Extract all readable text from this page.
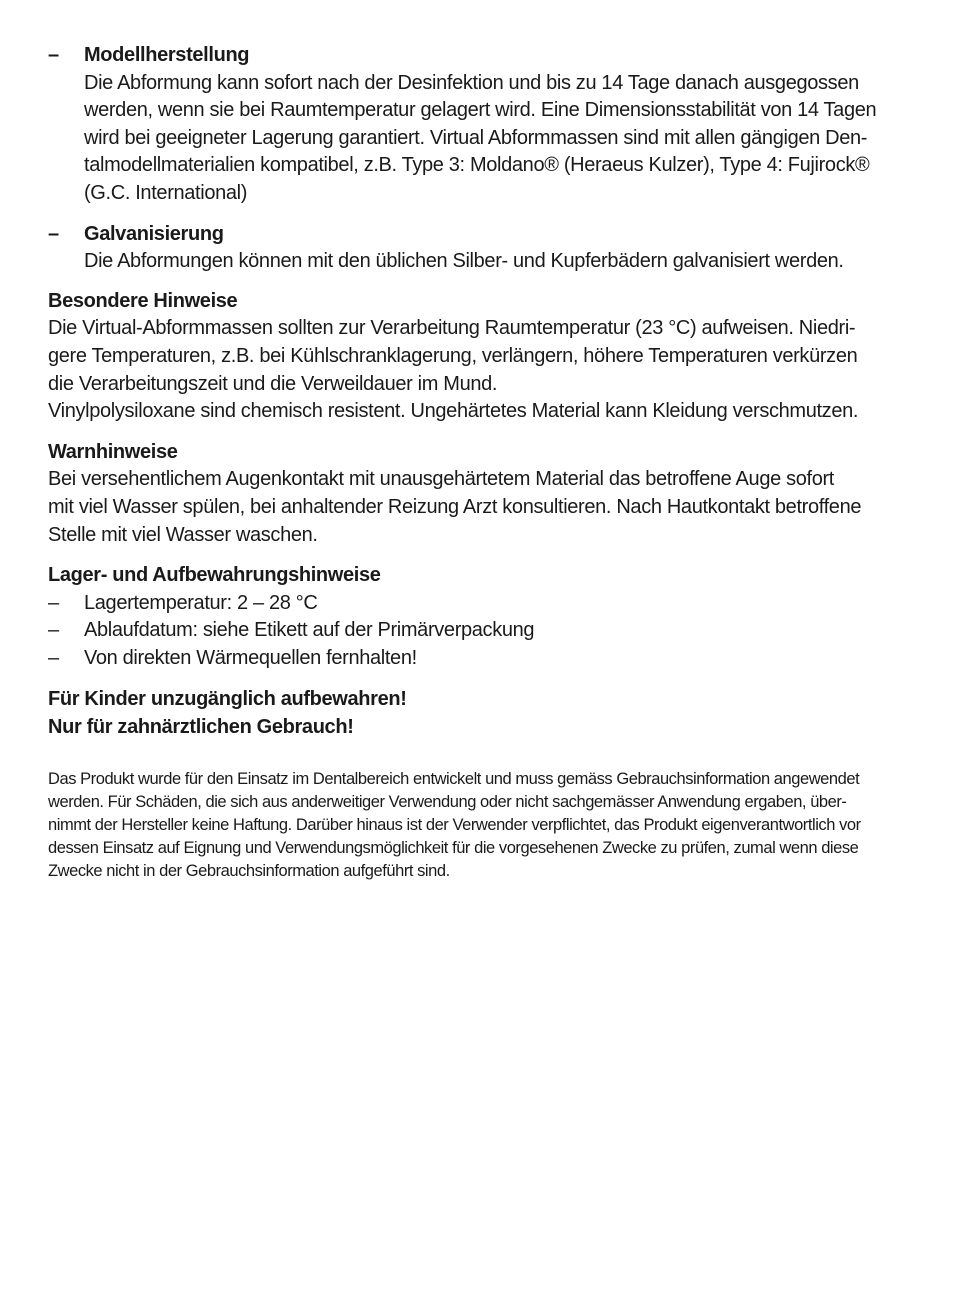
–	Modellherstellung
Die Abformung kann sofort nach der Desinfektion und bis zu 14 Tage danach ausgegossen
werden, wenn sie bei Raumtemperatur gelagert wird. Eine Dimensionsstabilität von 14 Tagen
wird bei geeigneter Lagerung garantiert. Virtual Abformmassen sind mit allen gängigen Den-
talmodellmaterialien kompatibel, z.B. Type 3: Moldano® (Heraeus Kulzer), Type 4: Fujirock®
(G.C. International)
–	Galvanisierung
Die Abformungen können mit den üblichen Silber- und Kupferbädern galvanisiert werden.
Besondere Hinweise
Die Virtual-Abformmassen sollten zur Verarbeitung Raumtemperatur (23 °C) aufweisen. Niedri-
gere Temperaturen, z.B. bei Kühlschranklagerung, verlängern, höhere Temperaturen verkürzen
die Verarbeitungszeit und die Verweildauer im Mund.
Vinylpolysiloxane sind chemisch resistent. Ungehärtetes Material kann Kleidung verschmutzen.
Warnhinweise
Bei versehentlichem Augenkontakt mit unausgehärtetem Material das betroffene Auge sofort
mit viel Wasser spülen, bei anhaltender Reizung Arzt konsultieren. Nach Hautkontakt betroffene
Stelle mit viel Wasser waschen.
Lager- und Aufbewahrungshinweise
–	Lagertemperatur: 2 – 28 °C
–	Ablaufdatum: siehe Etikett auf der Primärverpackung
–	Von direkten Wärmequellen fernhalten!
Für Kinder unzugänglich aufbewahren!
Nur für zahnärztlichen Gebrauch!
Das Produkt wurde für den Einsatz im Dentalbereich entwickelt und muss gemäss Gebrauchsinformation angewendet
werden. Für Schäden, die sich aus anderweitiger Verwendung oder nicht sachgemässer Anwendung ergaben, über-
nimmt der Hersteller keine Haftung. Darüber hinaus ist der Verwender verpflichtet, das Produkt eigenverantwortlich vor
dessen Einsatz auf Eignung und Verwendungsmöglichkeit für die vorgesehenen Zwecke zu prüfen, zumal wenn diese
Zwecke nicht in der Gebrauchsinformation aufgeführt sind.
